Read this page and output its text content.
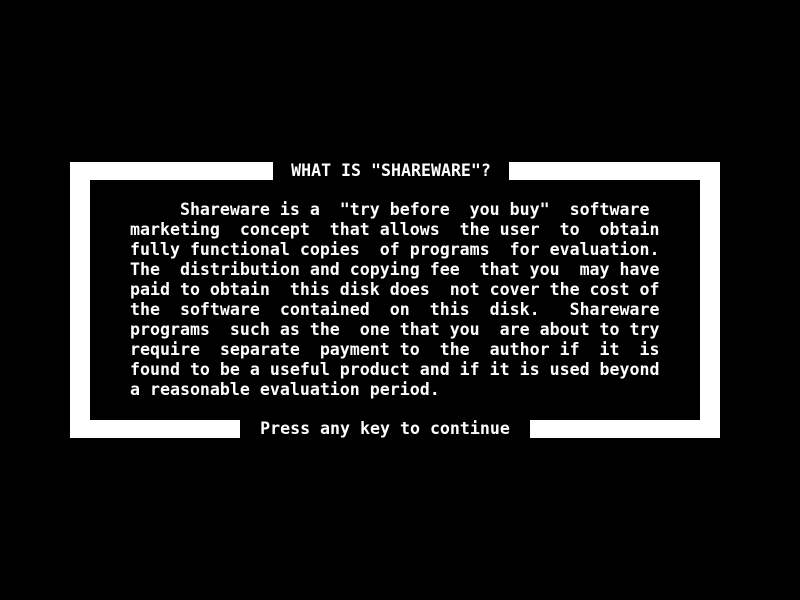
Shareware is a  "try before  you buy"  software
marketing  concept  that allows  the user  to  obtain
fully functional copies  of programs  for evaluation.
The  distribution and copying fee  that you  may have
paid to obtain  this disk does  not cover the cost of
the  software  contained  on  this  disk.   Shareware
programs  such as the  one that you  are about to try
require  separate  payment to  the  author if  it  is
found to be a useful product and if it is used beyond
a reasonable evaluation period.
WHAT IS "SHAREWARE"?
Press any key to continue
